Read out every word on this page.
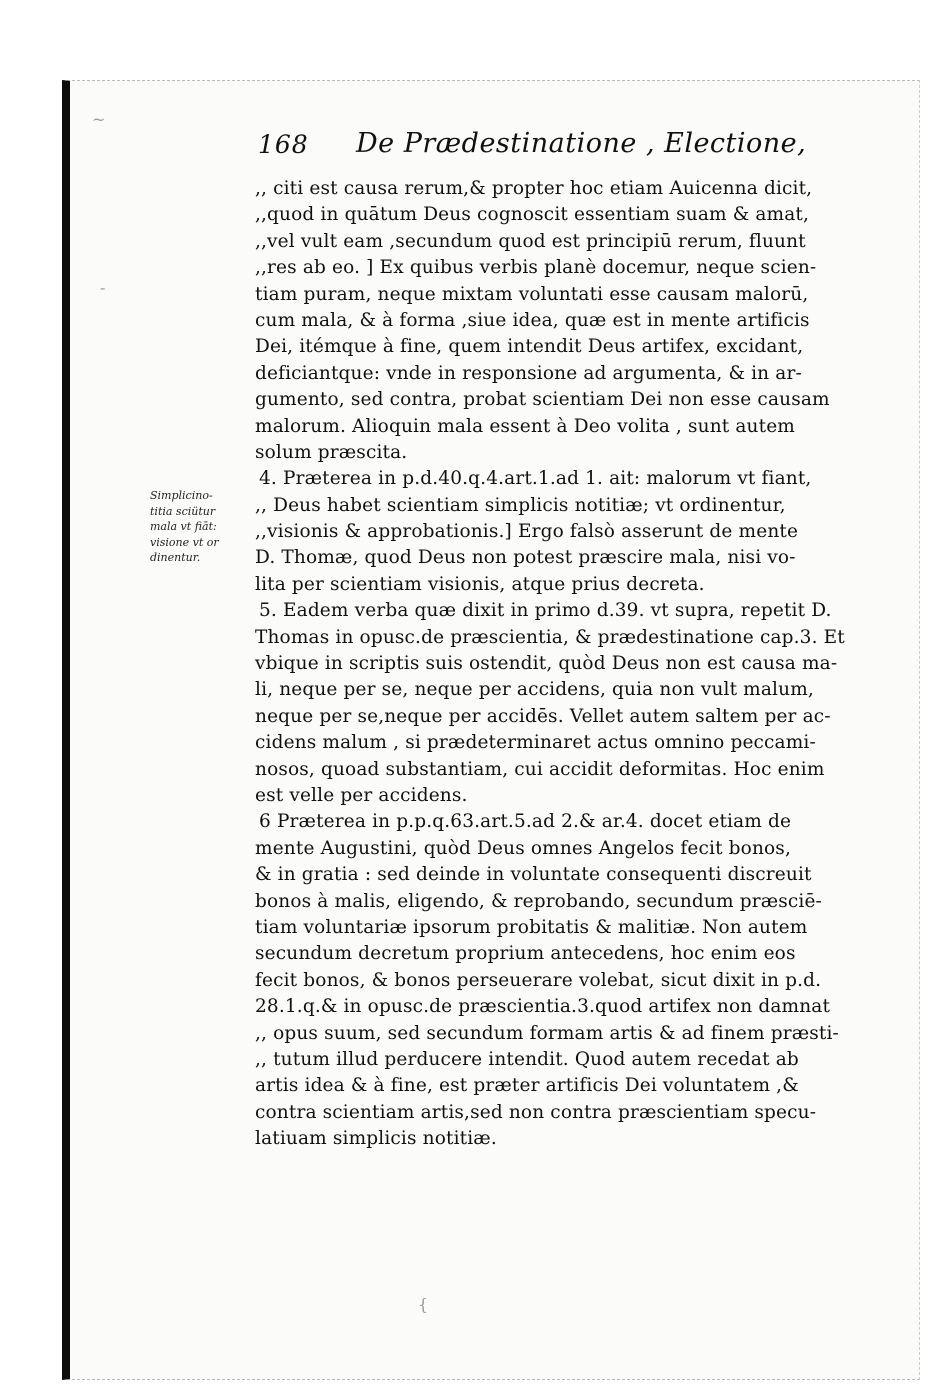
~
-
{
168 De Prædestinatione , Electione,
Simplicino-
titia sciütur
mala vt fiāt:
visione vt or
dinentur.
,, citi est causa rerum,& propter hoc etiam Auicenna dicit,
,,quod in quātum Deus cognoscit essentiam suam & amat,
,,vel vult eam ,secundum quod est principiū rerum, fluunt
,,res ab eo. ] Ex quibus verbis planè docemur, neque scien-
tiam puram, neque mixtam voluntati esse causam malorū,
cum mala, & à forma ,siue idea, quæ est in mente artificis
Dei, itémque à fine, quem intendit Deus artifex, excidant,
deficiantque: vnde in responsione ad argumenta, & in ar-
gumento, sed contra, probat scientiam Dei non esse causam
malorum. Alioquin mala essent à Deo volita , sunt autem
solum præscita.
4. Præterea in p.d.40.q.4.art.1.ad 1. ait: malorum vt fiant,
,, Deus habet scientiam simplicis notitiæ; vt ordinentur,
,,visionis & approbationis.] Ergo falsò asserunt de mente
D. Thomæ, quod Deus non potest præscire mala, nisi vo-
lita per scientiam visionis, atque prius decreta.
5. Eadem verba quæ dixit in primo d.39. vt supra, repetit D.
Thomas in opusc.de præscientia, & prædestinatione cap.3. Et
vbique in scriptis suis ostendit, quòd Deus non est causa ma-
li, neque per se, neque per accidens, quia non vult malum,
neque per se,neque per accidēs. Vellet autem saltem per ac-
cidens malum , si prædeterminaret actus omnino peccami-
nosos, quoad substantiam, cui accidit deformitas. Hoc enim
est velle per accidens.
6 Præterea in p.p.q.63.art.5.ad 2.& ar.4. docet etiam de
mente Augustini, quòd Deus omnes Angelos fecit bonos,
& in gratia : sed deinde in voluntate consequenti discreuit
bonos à malis, eligendo, & reprobando, secundum præsciē-
tiam voluntariæ ipsorum probitatis & malitiæ. Non autem
secundum decretum proprium antecedens, hoc enim eos
fecit bonos, & bonos perseuerare volebat, sicut dixit in p.d.
28.1.q.& in opusc.de præscientia.3.quod artifex non damnat
,, opus suum, sed secundum formam artis & ad finem præsti-
,, tutum illud perducere intendit. Quod autem recedat ab
artis idea & à fine, est præter artificis Dei voluntatem ,&
contra scientiam artis,sed non contra præscientiam specu-
latiuam simplicis notitiæ.
